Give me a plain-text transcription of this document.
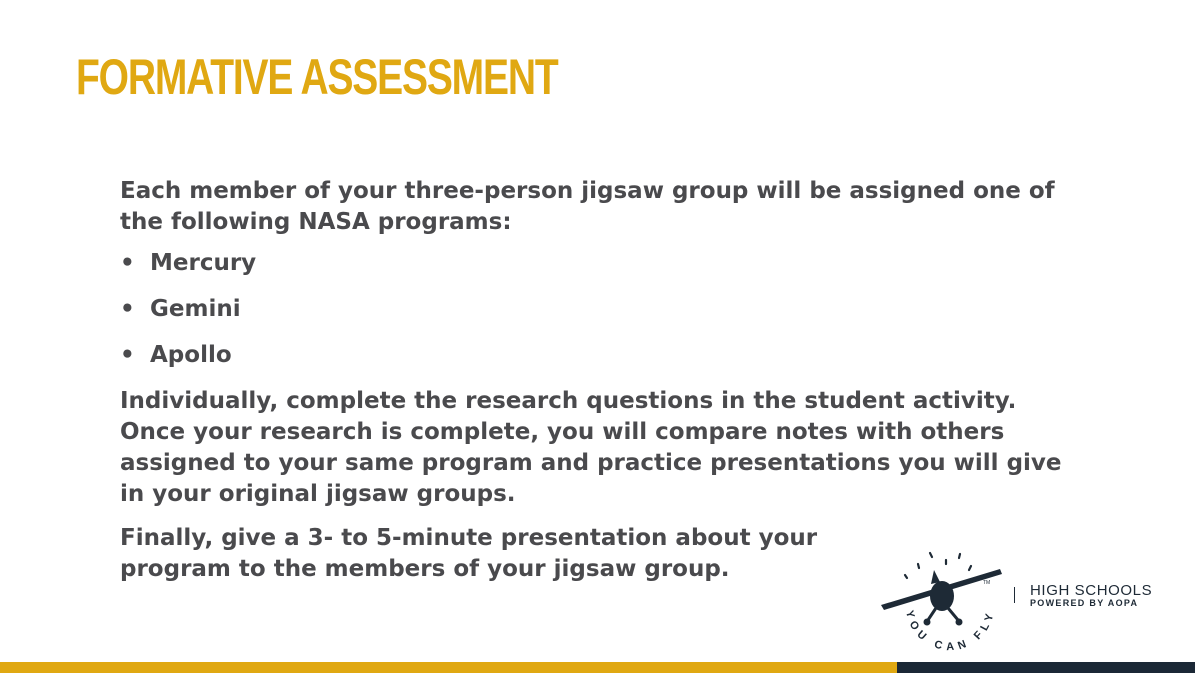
FORMATIVE ASSESSMENT

Each member of your three-person jigsaw group will be assigned one of the following NASA programs:

• Mercury
• Gemini
• Apollo

Individually, complete the research questions in the student activity. Once your research is complete, you will compare notes with others assigned to your same program and practice presentations you will give in your original jigsaw groups.

Finally, give a 3- to 5-minute presentation about your
program to the members of your jigsaw group.

TM
YOU CAN FLY
HIGH SCHOOLS
POWERED BY AOPA
